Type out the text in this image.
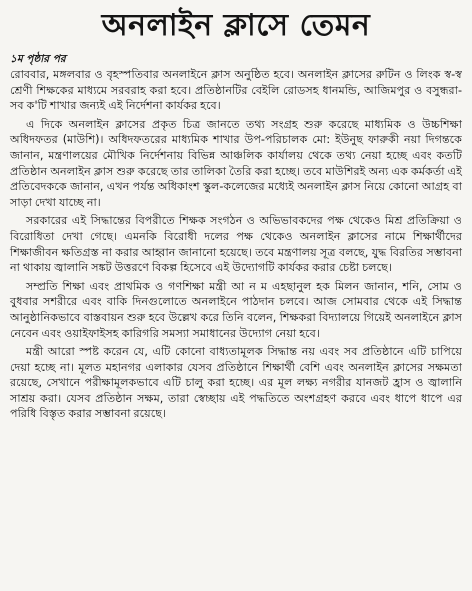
অনলাইন ক্লাসে তেমন

১ম পৃষ্ঠার পর

রোববার, মঙ্গলবার ও বৃহস্পতিবার অনলাইনে ক্লাস অনুষ্ঠিত হবে। অনলাইন ক্লাসের রুটিন ও লিংক স্ব-স্ব শ্রেণী শিক্ষকের মাধ্যমে সরবরাহ করা হবে। প্রতিষ্ঠানটির বেইলি রোডসহ ধানমন্ডি, আজিমপুর ও বসুন্ধরা- সব ক'টি শাখার জন্যই এই নির্দেশনা কার্যকর হবে।

এ দিকে অনলাইন ক্লাসের প্রকৃত চিত্র জানতে তথ্য সংগ্রহ শুরু করেছে মাধ্যমিক ও উচ্চশিক্ষা অধিদফতর (মাউশি)। অধিদফতরের মাধ্যমিক শাখার উপ-পরিচালক মো: ইউনুছ ফারুকী নয়া দিগন্তকে জানান, মন্ত্রণালয়ের মৌখিক নির্দেশনায় বিভিন্ন আঞ্চলিক কার্যালয় থেকে তথ্য নেয়া হচ্ছে এবং কতটি প্রতিষ্ঠান অনলাইন ক্লাস শুরু করেছে তার তালিকা তৈরি করা হচ্ছে। তবে মাউশিরই অন্য এক কর্মকর্তা এই প্রতিবেদককে জানান, এখন পর্যন্ত অধিকাংশ স্কুল-কলেজের মধ্যেই অনলাইন ক্লাস নিয়ে কোনো আগ্রহ বা সাড়া দেখা যাচ্ছে না।

সরকারের এই সিদ্ধান্তের বিপরীতে শিক্ষক সংগঠন ও অভিভাবকদের পক্ষ থেকেও মিশ্র প্রতিক্রিয়া ও বিরোধিতা দেখা গেছে। এমনকি বিরোধী দলের পক্ষ থেকেও অনলাইন ক্লাসের নামে শিক্ষার্থীদের শিক্ষাজীবন ক্ষতিগ্রস্ত না করার আহ্বান জানানো হয়েছে। তবে মন্ত্রণালয় সূত্র বলছে, যুদ্ধ বিরতির সম্ভাবনা না থাকায় জ্বালানি সঙ্কট উত্তরণে বিকল্প হিসেবে এই উদ্যোগটি কার্যকর করার চেষ্টা চলছে।

সম্প্রতি শিক্ষা এবং প্রাথমিক ও গণশিক্ষা মন্ত্রী আ ন ম এহছানুল হক মিলন জানান, শনি, সোম ও বুধবার সশরীরে এবং বাকি দিনগুলোতে অনলাইনে পাঠদান চলবে। আজ সোমবার থেকে এই সিদ্ধান্ত আনুষ্ঠানিকভাবে বাস্তবায়ন শুরু হবে উল্লেখ করে তিনি বলেন, শিক্ষকরা বিদ্যালয়ে গিয়েই অনলাইনে ক্লাস নেবেন এবং ওয়াইফাইসহ কারিগরি সমস্যা সমাধানের উদ্যোগ নেয়া হবে।

মন্ত্রী আরো স্পষ্ট করেন যে, এটি কোনো বাধ্যতামূলক সিদ্ধান্ত নয় এবং সব প্রতিষ্ঠানে এটি চাপিয়ে দেয়া হচ্ছে না। মূলত মহানগর এলাকার যেসব প্রতিষ্ঠানে শিক্ষার্থী বেশি এবং অনলাইন ক্লাসের সক্ষমতা রয়েছে, সেখানে পরীক্ষামূলকভাবে এটি চালু করা হচ্ছে। এর মূল লক্ষ্য নগরীর যানজট হ্রাস ও জ্বালানি সাশ্রয় করা। যেসব প্রতিষ্ঠান সক্ষম, তারা স্বেচ্ছায় এই পদ্ধতিতে অংশগ্রহণ করবে এবং ধাপে ধাপে এর পরিধি বিস্তৃত করার সম্ভাবনা রয়েছে।
